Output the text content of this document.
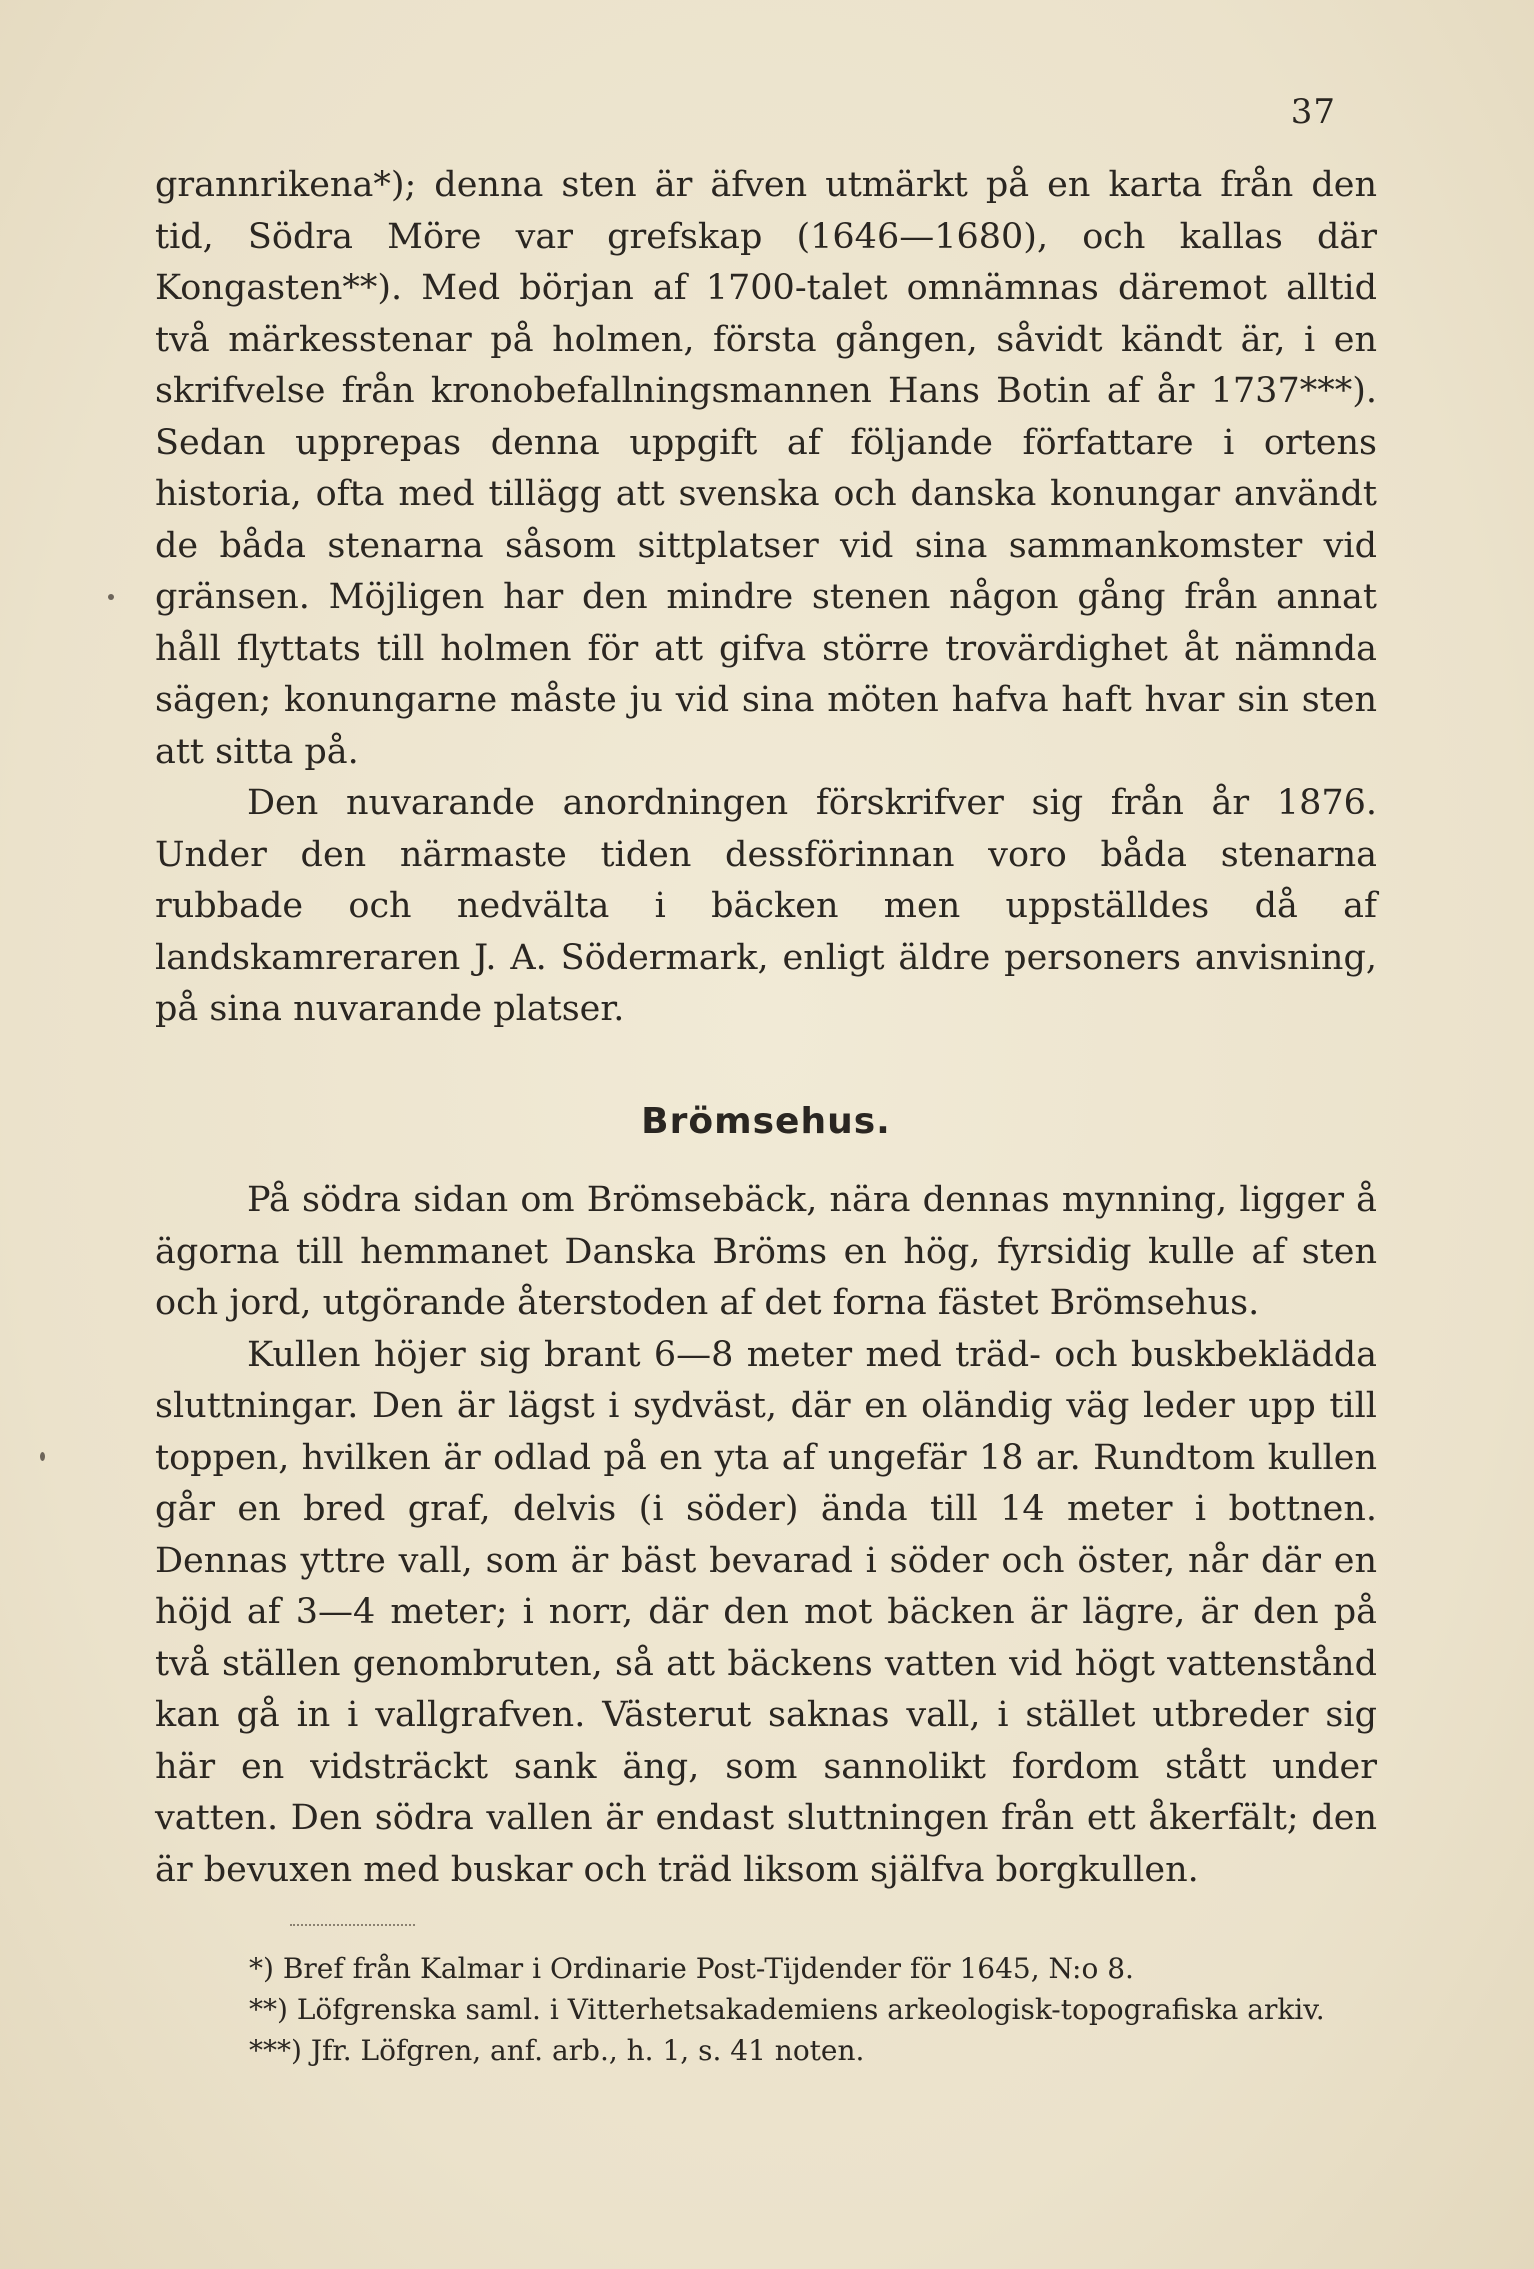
37

grannrikena*); denna sten är äfven utmärkt på en karta från den tid, Södra Möre var grefskap (1646—1680), och kallas där Kongasten**). Med början af 1700-talet omnämnas däremot alltid två märkesstenar på holmen, första gången, såvidt kändt är, i en skrifvelse från kronobefallningsmannen Hans Botin af år 1737***). Sedan upprepas denna uppgift af följande författare i ortens historia, ofta med tillägg att svenska och danska konungar användt de båda stenarna såsom sittplatser vid sina sammankomster vid gränsen. Möjligen har den mindre stenen någon gång från annat håll flyttats till holmen för att gifva större trovärdighet åt nämnda sägen; konungarne måste ju vid sina möten hafva haft hvar sin sten att sitta på.

Den nuvarande anordningen förskrifver sig från år 1876. Under den närmaste tiden dessförinnan voro båda stenarna rubbade och nedvälta i bäcken men uppställdes då af landskamreraren J. A. Södermark, enligt äldre personers anvisning, på sina nuvarande platser.

Brömsehus.

På södra sidan om Brömsebäck, nära dennas mynning, ligger å ägorna till hemmanet Danska Bröms en hög, fyrsidig kulle af sten och jord, utgörande återstoden af det forna fästet Brömsehus.

Kullen höjer sig brant 6—8 meter med träd- och buskbeklädda sluttningar. Den är lägst i sydväst, där en oländig väg leder upp till toppen, hvilken är odlad på en yta af ungefär 18 ar. Rundtom kullen går en bred graf, delvis (i söder) ända till 14 meter i bottnen. Dennas yttre vall, som är bäst bevarad i söder och öster, når där en höjd af 3—4 meter; i norr, där den mot bäcken är lägre, är den på två ställen genombruten, så att bäckens vatten vid högt vattenstånd kan gå in i vallgrafven. Västerut saknas vall, i stället utbreder sig här en vidsträckt sank äng, som sannolikt fordom stått under vatten. Den södra vallen är endast sluttningen från ett åkerfält; den är bevuxen med buskar och träd liksom själfva borgkullen.

*) Bref från Kalmar i Ordinarie Post-Tijdender för 1645, N:o 8.

**) Löfgrenska saml. i Vitterhetsakademiens arkeologisk-topografiska arkiv.

***) Jfr. Löfgren, anf. arb., h. 1, s. 41 noten.
